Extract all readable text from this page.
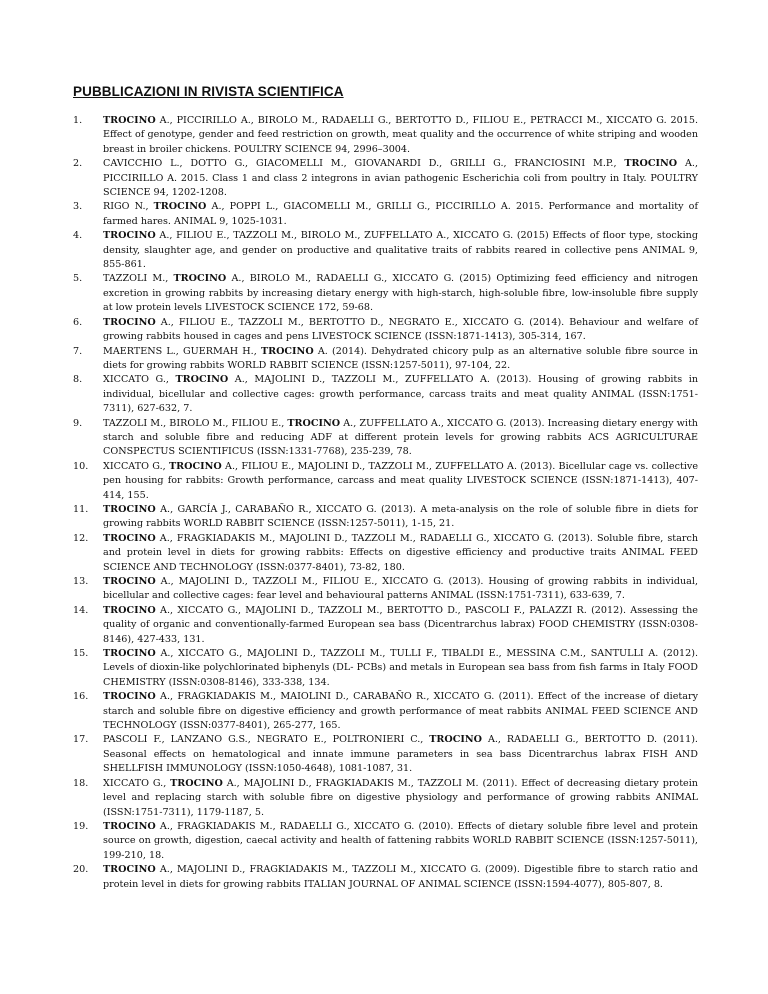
PUBBLICAZIONI IN RIVISTA SCIENTIFICA
1. TROCINO A., PICCIRILLO A., BIROLO M., RADAELLI G., BERTOTTO D., FILIOU E., PETRACCI M., XICCATO G. 2015. Effect of genotype, gender and feed restriction on growth, meat quality and the occurrence of white striping and wooden breast in broiler chickens. POULTRY SCIENCE 94, 2996–3004.
2. CAVICCHIO L., DOTTO G., GIACOMELLI M., GIOVANARDI D., GRILLI G., FRANCIOSINI M.P., TROCINO A., PICCIRILLO A. 2015. Class 1 and class 2 integrons in avian pathogenic Escherichia coli from poultry in Italy. POULTRY SCIENCE 94, 1202-1208.
3. RIGO N., TROCINO A., POPPI L., GIACOMELLI M., GRILLI G., PICCIRILLO A. 2015. Performance and mortality of farmed hares. ANIMAL 9, 1025-1031.
4. TROCINO A., FILIOU E., TAZZOLI M., BIROLO M., ZUFFELLATO A., XICCATO G. (2015) Effects of floor type, stocking density, slaughter age, and gender on productive and qualitative traits of rabbits reared in collective pens ANIMAL 9, 855-861.
5. TAZZOLI M., TROCINO A., BIROLO M., RADAELLI G., XICCATO G. (2015) Optimizing feed efficiency and nitrogen excretion in growing rabbits by increasing dietary energy with high-starch, high-soluble fibre, low-insoluble fibre supply at low protein levels LIVESTOCK SCIENCE 172, 59-68.
6. TROCINO A., FILIOU E., TAZZOLI M., BERTOTTO D., NEGRATO E., XICCATO G. (2014). Behaviour and welfare of growing rabbits housed in cages and pens LIVESTOCK SCIENCE (ISSN:1871-1413), 305-314, 167.
7. MAERTENS L., GUERMAH H., TROCINO A. (2014). Dehydrated chicory pulp as an alternative soluble fibre source in diets for growing rabbits WORLD RABBIT SCIENCE (ISSN:1257-5011), 97-104, 22.
8. XICCATO G., TROCINO A., MAJOLINI D., TAZZOLI M., ZUFFELLATO A. (2013). Housing of growing rabbits in individual, bicellular and collective cages: growth performance, carcass traits and meat quality ANIMAL (ISSN:1751-7311), 627-632, 7.
9. TAZZOLI M., BIROLO M., FILIOU E., TROCINO A., ZUFFELLATO A., XICCATO G. (2013). Increasing dietary energy with starch and soluble fibre and reducing ADF at different protein levels for growing rabbits ACS AGRICULTURAE CONSPECTUS SCIENTIFICUS (ISSN:1331-7768), 235-239, 78.
10. XICCATO G., TROCINO A., FILIOU E., MAJOLINI D., TAZZOLI M., ZUFFELLATO A. (2013). Bicellular cage vs. collective pen housing for rabbits: Growth performance, carcass and meat quality LIVESTOCK SCIENCE (ISSN:1871-1413), 407-414, 155.
11. TROCINO A., GARCÍA J., CARABAÑO R., XICCATO G. (2013). A meta-analysis on the role of soluble fibre in diets for growing rabbits WORLD RABBIT SCIENCE (ISSN:1257-5011), 1-15, 21.
12. TROCINO A., FRAGKIADAKIS M., MAJOLINI D., TAZZOLI M., RADAELLI G., XICCATO G. (2013). Soluble fibre, starch and protein level in diets for growing rabbits: Effects on digestive efficiency and productive traits ANIMAL FEED SCIENCE AND TECHNOLOGY (ISSN:0377-8401), 73-82, 180.
13. TROCINO A., MAJOLINI D., TAZZOLI M., FILIOU E., XICCATO G. (2013). Housing of growing rabbits in individual, bicellular and collective cages: fear level and behavioural patterns ANIMAL (ISSN:1751-7311), 633-639, 7.
14. TROCINO A., XICCATO G., MAJOLINI D., TAZZOLI M., BERTOTTO D., PASCOLI F., PALAZZI R. (2012). Assessing the quality of organic and conventionally-farmed European sea bass (Dicentrarchus labrax) FOOD CHEMISTRY (ISSN:0308-8146), 427-433, 131.
15. TROCINO A., XICCATO G., MAJOLINI D., TAZZOLI M., TULLI F., TIBALDI E., MESSINA C.M., SANTULLI A. (2012). Levels of dioxin-like polychlorinated biphenyls (DL- PCBs) and metals in European sea bass from fish farms in Italy FOOD CHEMISTRY (ISSN:0308-8146), 333-338, 134.
16. TROCINO A., FRAGKIADAKIS M., MAIOLINI D., CARABAÑO R., XICCATO G. (2011). Effect of the increase of dietary starch and soluble fibre on digestive efficiency and growth performance of meat rabbits ANIMAL FEED SCIENCE AND TECHNOLOGY (ISSN:0377-8401), 265-277, 165.
17. PASCOLI F., LANZANO G.S., NEGRATO E., POLTRONIERI C., TROCINO A., RADAELLI G., BERTOTTO D. (2011). Seasonal effects on hematological and innate immune parameters in sea bass Dicentrarchus labrax FISH AND SHELLFISH IMMUNOLOGY (ISSN:1050-4648), 1081-1087, 31.
18. XICCATO G., TROCINO A., MAJOLINI D., FRAGKIADAKIS M., TAZZOLI M. (2011). Effect of decreasing dietary protein level and replacing starch with soluble fibre on digestive physiology and performance of growing rabbits ANIMAL (ISSN:1751-7311), 1179-1187, 5.
19. TROCINO A., FRAGKIADAKIS M., RADAELLI G., XICCATO G. (2010). Effects of dietary soluble fibre level and protein source on growth, digestion, caecal activity and health of fattening rabbits WORLD RABBIT SCIENCE (ISSN:1257-5011), 199-210, 18.
20. TROCINO A., MAJOLINI D., FRAGKIADAKIS M., TAZZOLI M., XICCATO G. (2009). Digestible fibre to starch ratio and protein level in diets for growing rabbits ITALIAN JOURNAL OF ANIMAL SCIENCE (ISSN:1594-4077), 805-807, 8.
